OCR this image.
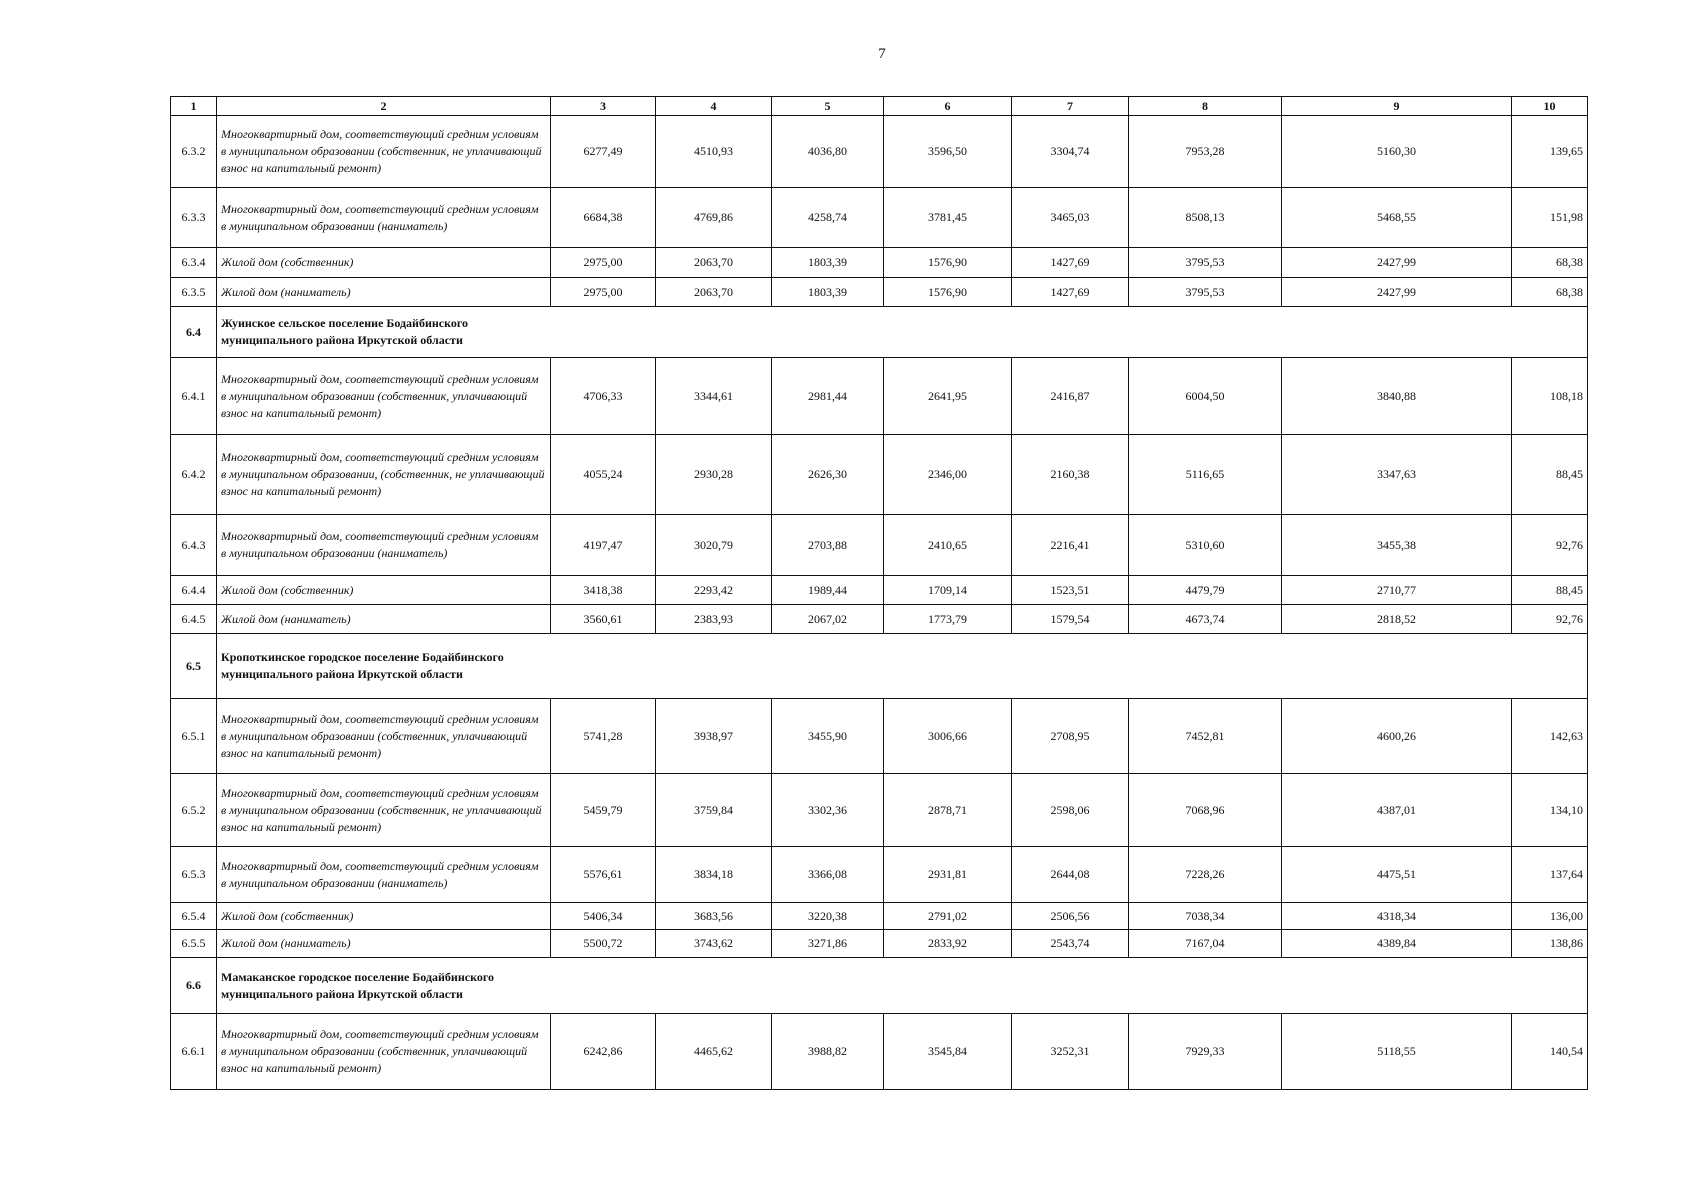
7
1	2	3	4	5	6	7	8	9	10
6.3.2	Многоквартирный дом, соответствующий средним условиям в муниципальном образовании (собственник, не уплачивающий взнос на капитальный ремонт)	6277,49	4510,93	4036,80	3596,50	3304,74	7953,28	5160,30	139,65
6.3.3	Многоквартирный дом, соответствующий средним условиям в муниципальном образовании (наниматель)	6684,38	4769,86	4258,74	3781,45	3465,03	8508,13	5468,55	151,98
6.3.4	Жилой дом (собственник)	2975,00	2063,70	1803,39	1576,90	1427,69	3795,53	2427,99	68,38
6.3.5	Жилой дом (наниматель)	2975,00	2063,70	1803,39	1576,90	1427,69	3795,53	2427,99	68,38
6.4	Жуинское сельское поселение Бодайбинского муниципального района Иркутской области								
6.4.1	Многоквартирный дом, соответствующий средним условиям в муниципальном образовании (собственник, уплачивающий взнос на капитальный ремонт)	4706,33	3344,61	2981,44	2641,95	2416,87	6004,50	3840,88	108,18
6.4.2	Многоквартирный дом, соответствующий средним условиям в муниципальном образовании, (собственник, не уплачивающий взнос на капитальный ремонт)	4055,24	2930,28	2626,30	2346,00	2160,38	5116,65	3347,63	88,45
6.4.3	Многоквартирный дом, соответствующий средним условиям в муниципальном образовании (наниматель)	4197,47	3020,79	2703,88	2410,65	2216,41	5310,60	3455,38	92,76
6.4.4	Жилой дом (собственник)	3418,38	2293,42	1989,44	1709,14	1523,51	4479,79	2710,77	88,45
6.4.5	Жилой дом (наниматель)	3560,61	2383,93	2067,02	1773,79	1579,54	4673,74	2818,52	92,76
6.5	Кропоткинское городское поселение Бодайбинского муниципального района Иркутской области								
6.5.1	Многоквартирный дом, соответствующий средним условиям в муниципальном образовании (собственник, уплачивающий взнос на капитальный ремонт)	5741,28	3938,97	3455,90	3006,66	2708,95	7452,81	4600,26	142,63
6.5.2	Многоквартирный дом, соответствующий средним условиям в муниципальном образовании (собственник, не уплачивающий взнос на капитальный ремонт)	5459,79	3759,84	3302,36	2878,71	2598,06	7068,96	4387,01	134,10
6.5.3	Многоквартирный дом, соответствующий средним условиям в муниципальном образовании (наниматель)	5576,61	3834,18	3366,08	2931,81	2644,08	7228,26	4475,51	137,64
6.5.4	Жилой дом (собственник)	5406,34	3683,56	3220,38	2791,02	2506,56	7038,34	4318,34	136,00
6.5.5	Жилой дом (наниматель)	5500,72	3743,62	3271,86	2833,92	2543,74	7167,04	4389,84	138,86
6.6	Мамаканское городское поселение Бодайбинского муниципального района Иркутской области								
6.6.1	Многоквартирный дом, соответствующий средним условиям в муниципальном образовании (собственник, уплачивающий взнос на капитальный ремонт)	6242,86	4465,62	3988,82	3545,84	3252,31	7929,33	5118,55	140,54
